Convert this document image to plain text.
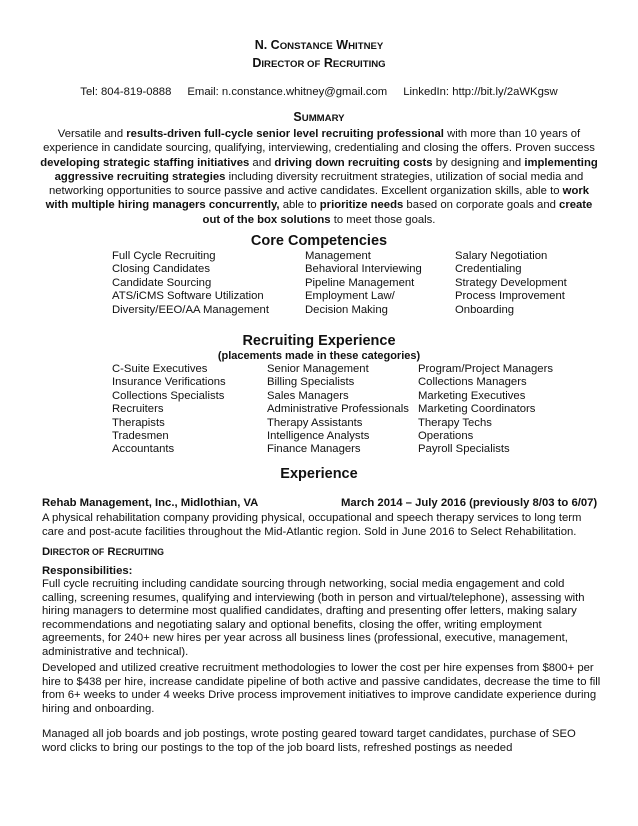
N. CONSTANCE WHITNEY
DIRECTOR OF RECRUITING
Tel: 804-819-0888 Email: n.constance.whitney@gmail.com LinkedIn: http://bit.ly/2aWKgsw
SUMMARY
Versatile and results-driven full-cycle senior level recruiting professional with more than 10 years of experience in candidate sourcing, qualifying, interviewing, credentialing and closing the offers. Proven success developing strategic staffing initiatives and driving down recruiting costs by designing and implementing aggressive recruiting strategies including diversity recruitment strategies, utilization of social media and networking opportunities to source passive and active candidates. Excellent organization skills, able to work with multiple hiring managers concurrently, able to prioritize needs based on corporate goals and create out of the box solutions to meet those goals.
Core Competencies
Full Cycle Recruiting
Closing Candidates
Candidate Sourcing
ATS/iCMS Software Utilization
Diversity/EEO/AA Management
Management
Behavioral Interviewing
Pipeline Management
Employment Law/
Decision Making
Salary Negotiation
Credentialing
Strategy Development
Process Improvement
Onboarding
Recruiting Experience
(placements made in these categories)
C-Suite Executives
Insurance Verifications
Collections Specialists
Recruiters
Therapists
Tradesmen
Accountants
Senior Management
Billing Specialists
Sales Managers
Administrative Professionals
Therapy Assistants
Intelligence Analysts
Finance Managers
Program/Project Managers
Collections Managers
Marketing Executives
Marketing Coordinators
Therapy Techs
Operations
Payroll Specialists
Experience
Rehab Management, Inc., Midlothian, VA	March 2014 – July 2016 (previously 8/03 to 6/07)
A physical rehabilitation company providing physical, occupational and speech therapy services to long term care and post-acute facilities throughout the Mid-Atlantic region. Sold in June 2016 to Select Rehabilitation.
DIRECTOR OF RECRUITING
Responsibilities:
Full cycle recruiting including candidate sourcing through networking, social media engagement and cold calling, screening resumes, qualifying and interviewing (both in person and virtual/telephone), assessing with hiring managers to determine most qualified candidates, drafting and presenting offer letters, making salary recommendations and negotiating salary and optional benefits, closing the offer, writing employment agreements, for 240+ new hires per year across all business lines (professional, executive, management, administrative and technical).
Developed and utilized creative recruitment methodologies to lower the cost per hire expenses from $800+ per hire to $438 per hire, increase candidate pipeline of both active and passive candidates, decrease the time to fill from 6+ weeks to under 4 weeks Drive process improvement initiatives to improve candidate experience during hiring and onboarding.
Managed all job boards and job postings, wrote posting geared toward target candidates, purchase of SEO word clicks to bring our postings to the top of the job board lists, refreshed postings as needed
